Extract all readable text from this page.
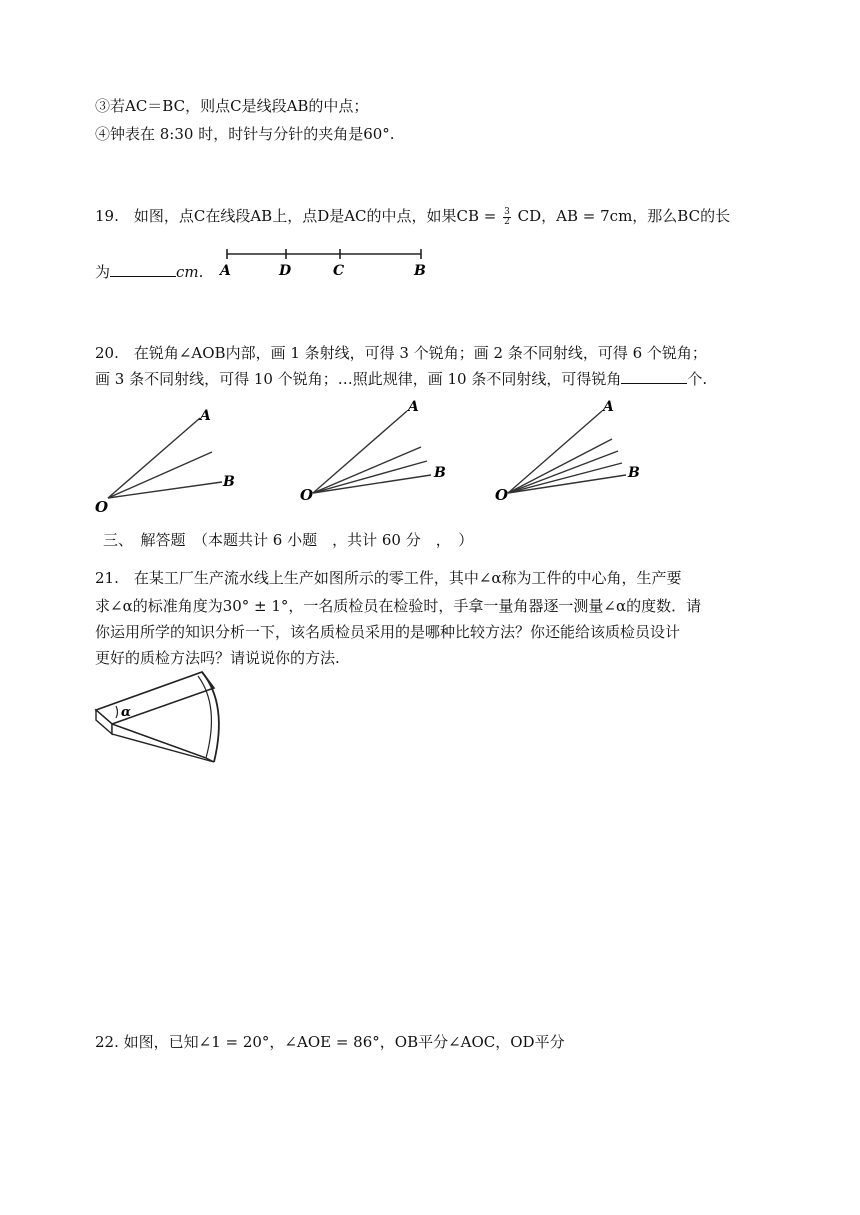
③若AC＝BC，则点C是线段AB的中点；
④钟表在 8:30 时，时针与分针的夹角是60°.
19.　如图，点C在线段AB上，点D是AC的中点，如果CB = $\frac{3}{2}$ CD，AB = 7cm，那么BC的长
为	cm. A	D	C	B
20.　在锐角∠AOB内部，画 1 条射线，可得 3 个锐角；画 2 条不同射线，可得 6 个锐角；
画 3 条不同射线，可得 10 个锐角；…照此规律，画 10 条不同射线，可得锐角	个.
O
A
B
O
A
B
O
A
B
三、　解答题　（本题共计 6 小题　，共计 60 分　，　）
21.　在某工厂生产流水线上生产如图所示的零工件，其中∠α称为工件的中心角，生产要
求∠α的标准角度为30° ± 1°，一名质检员在检验时，手拿一量角器逐一测量∠α的度数．请
你运用所学的知识分析一下，该名质检员采用的是哪种比较方法？你还能给该质检员设计
更好的质检方法吗？请说说你的方法.
α
22. 如图，已知∠1 = 20°，∠AOE = 86°，OB平分∠AOC，OD平分
